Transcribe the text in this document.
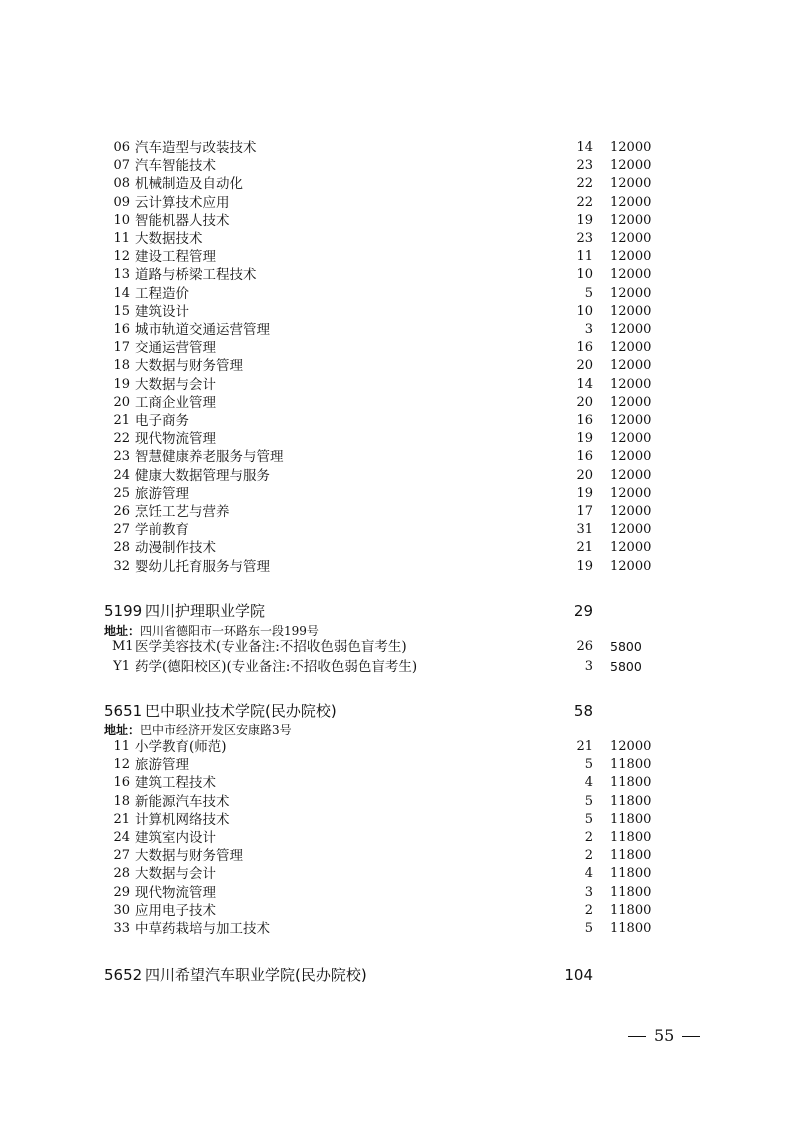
06 汽车造型与改装技术	14 12000
07 汽车智能技术	23 12000
08 机械制造及自动化	22 12000
09 云计算技术应用	22 12000
10 智能机器人技术	19 12000
11 大数据技术	23 12000
12 建设工程管理	11 12000
13 道路与桥梁工程技术	10 12000
14 工程造价	5 12000
15 建筑设计	10 12000
16 城市轨道交通运营管理	3 12000
17 交通运营管理	16 12000
18 大数据与财务管理	20 12000
19 大数据与会计	14 12000
20 工商企业管理	20 12000
21 电子商务	16 12000
22 现代物流管理	19 12000
23 智慧健康养老服务与管理	16 12000
24 健康大数据管理与服务	20 12000
25 旅游管理	19 12000
26 烹饪工艺与营养	17 12000
27 学前教育	31 12000
28 动漫制作技术	21 12000
32 婴幼儿托育服务与管理	19 12000
5199 四川护理职业学院	29
地址：四川省德阳市一环路东一段199号
M1 医学美容技术(专业备注:不招收色弱色盲考生)	26 5800
Y1 药学(德阳校区)(专业备注:不招收色弱色盲考生)	3 5800
5651 巴中职业技术学院(民办院校)	58
地址：巴中市经济开发区安康路3号
11 小学教育(师范)	21 12000
12 旅游管理	5 11800
16 建筑工程技术	4 11800
18 新能源汽车技术	5 11800
21 计算机网络技术	5 11800
24 建筑室内设计	2 11800
27 大数据与财务管理	2 11800
28 大数据与会计	4 11800
29 现代物流管理	3 11800
30 应用电子技术	2 11800
33 中草药栽培与加工技术	5 11800
5652 四川希望汽车职业学院(民办院校)	104
55
